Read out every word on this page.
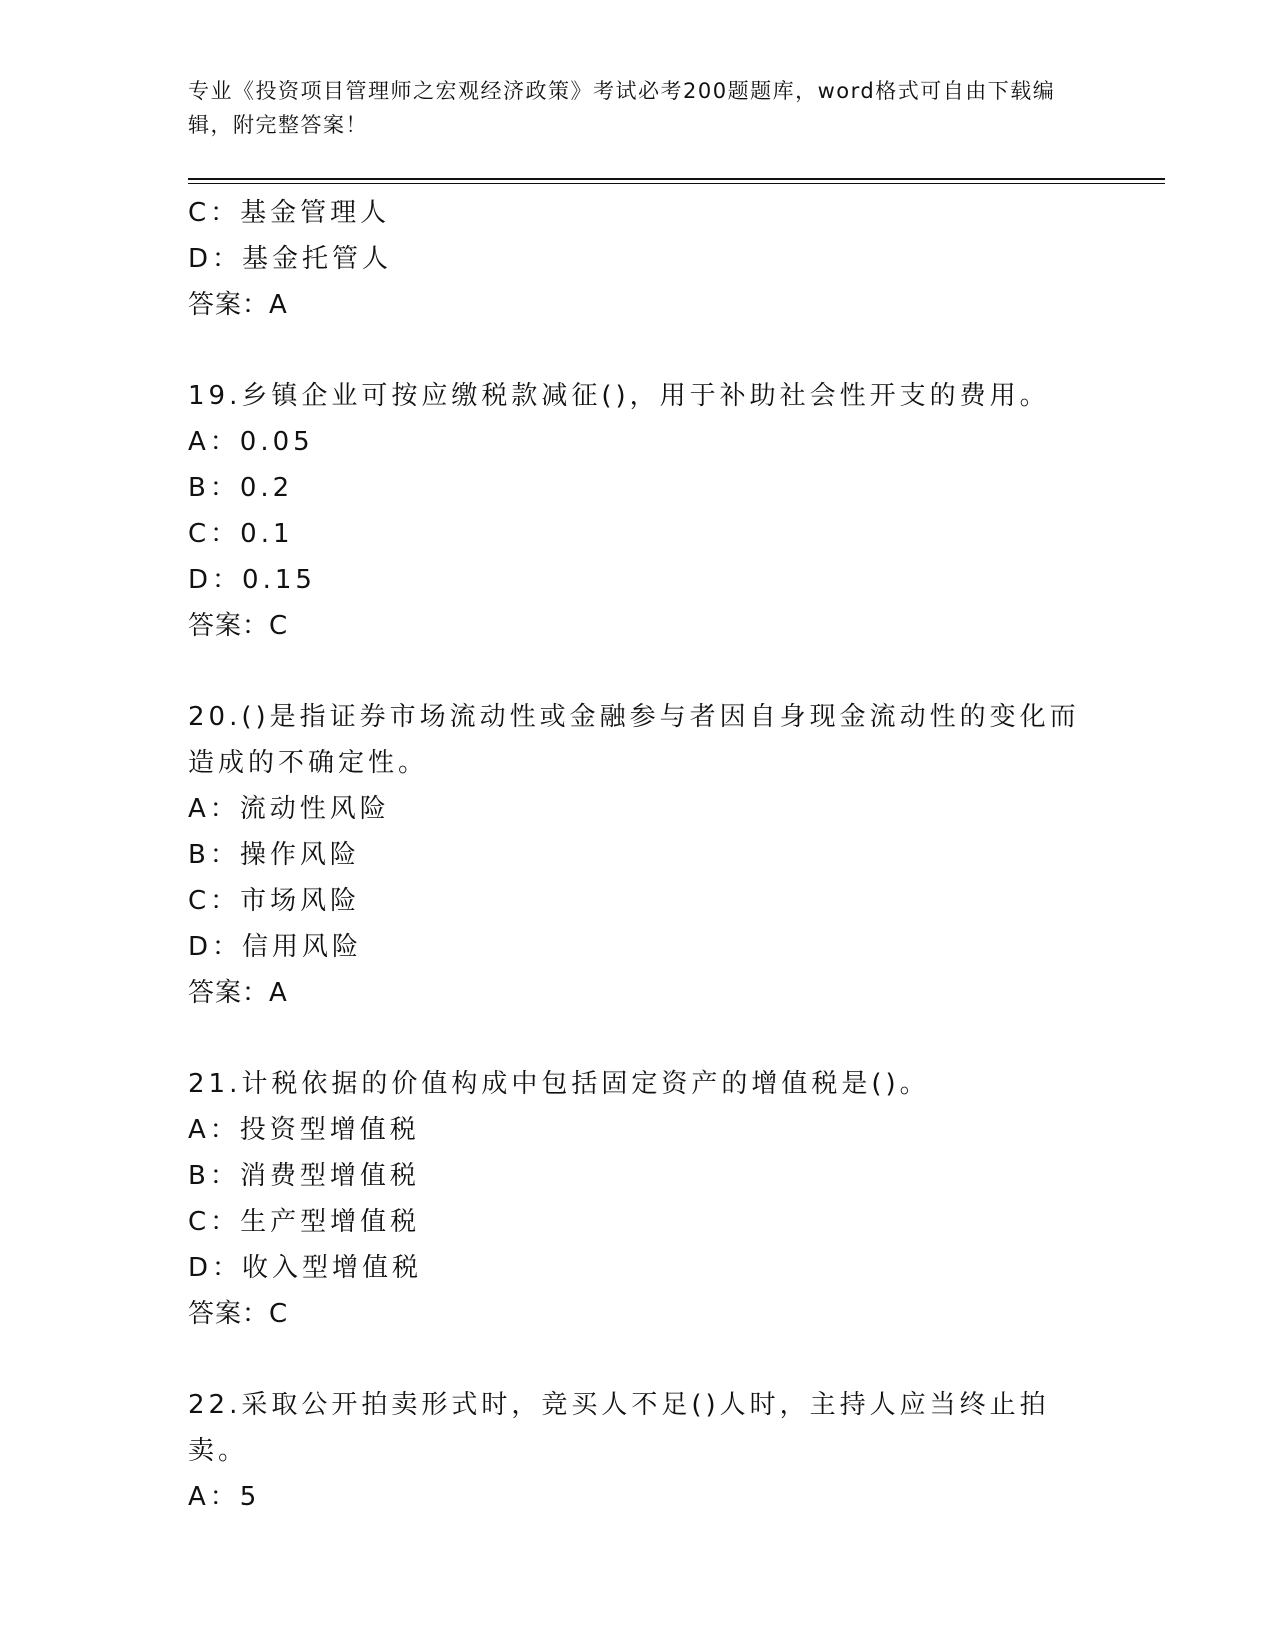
专业《投资项目管理师之宏观经济政策》考试必考200题题库，word格式可自由下载编辑，附完整答案！
C：基金管理人
D：基金托管人
答案：A
19.乡镇企业可按应缴税款减征()，用于补助社会性开支的费用。
A：0.05
B：0.2
C：0.1
D：0.15
答案：C
20.()是指证券市场流动性或金融参与者因自身现金流动性的变化而造成的不确定性。
A：流动性风险
B：操作风险
C：市场风险
D：信用风险
答案：A
21.计税依据的价值构成中包括固定资产的增值税是()。
A：投资型增值税
B：消费型增值税
C：生产型增值税
D：收入型增值税
答案：C
22.采取公开拍卖形式时，竞买人不足()人时，主持人应当终止拍卖。
A：5
